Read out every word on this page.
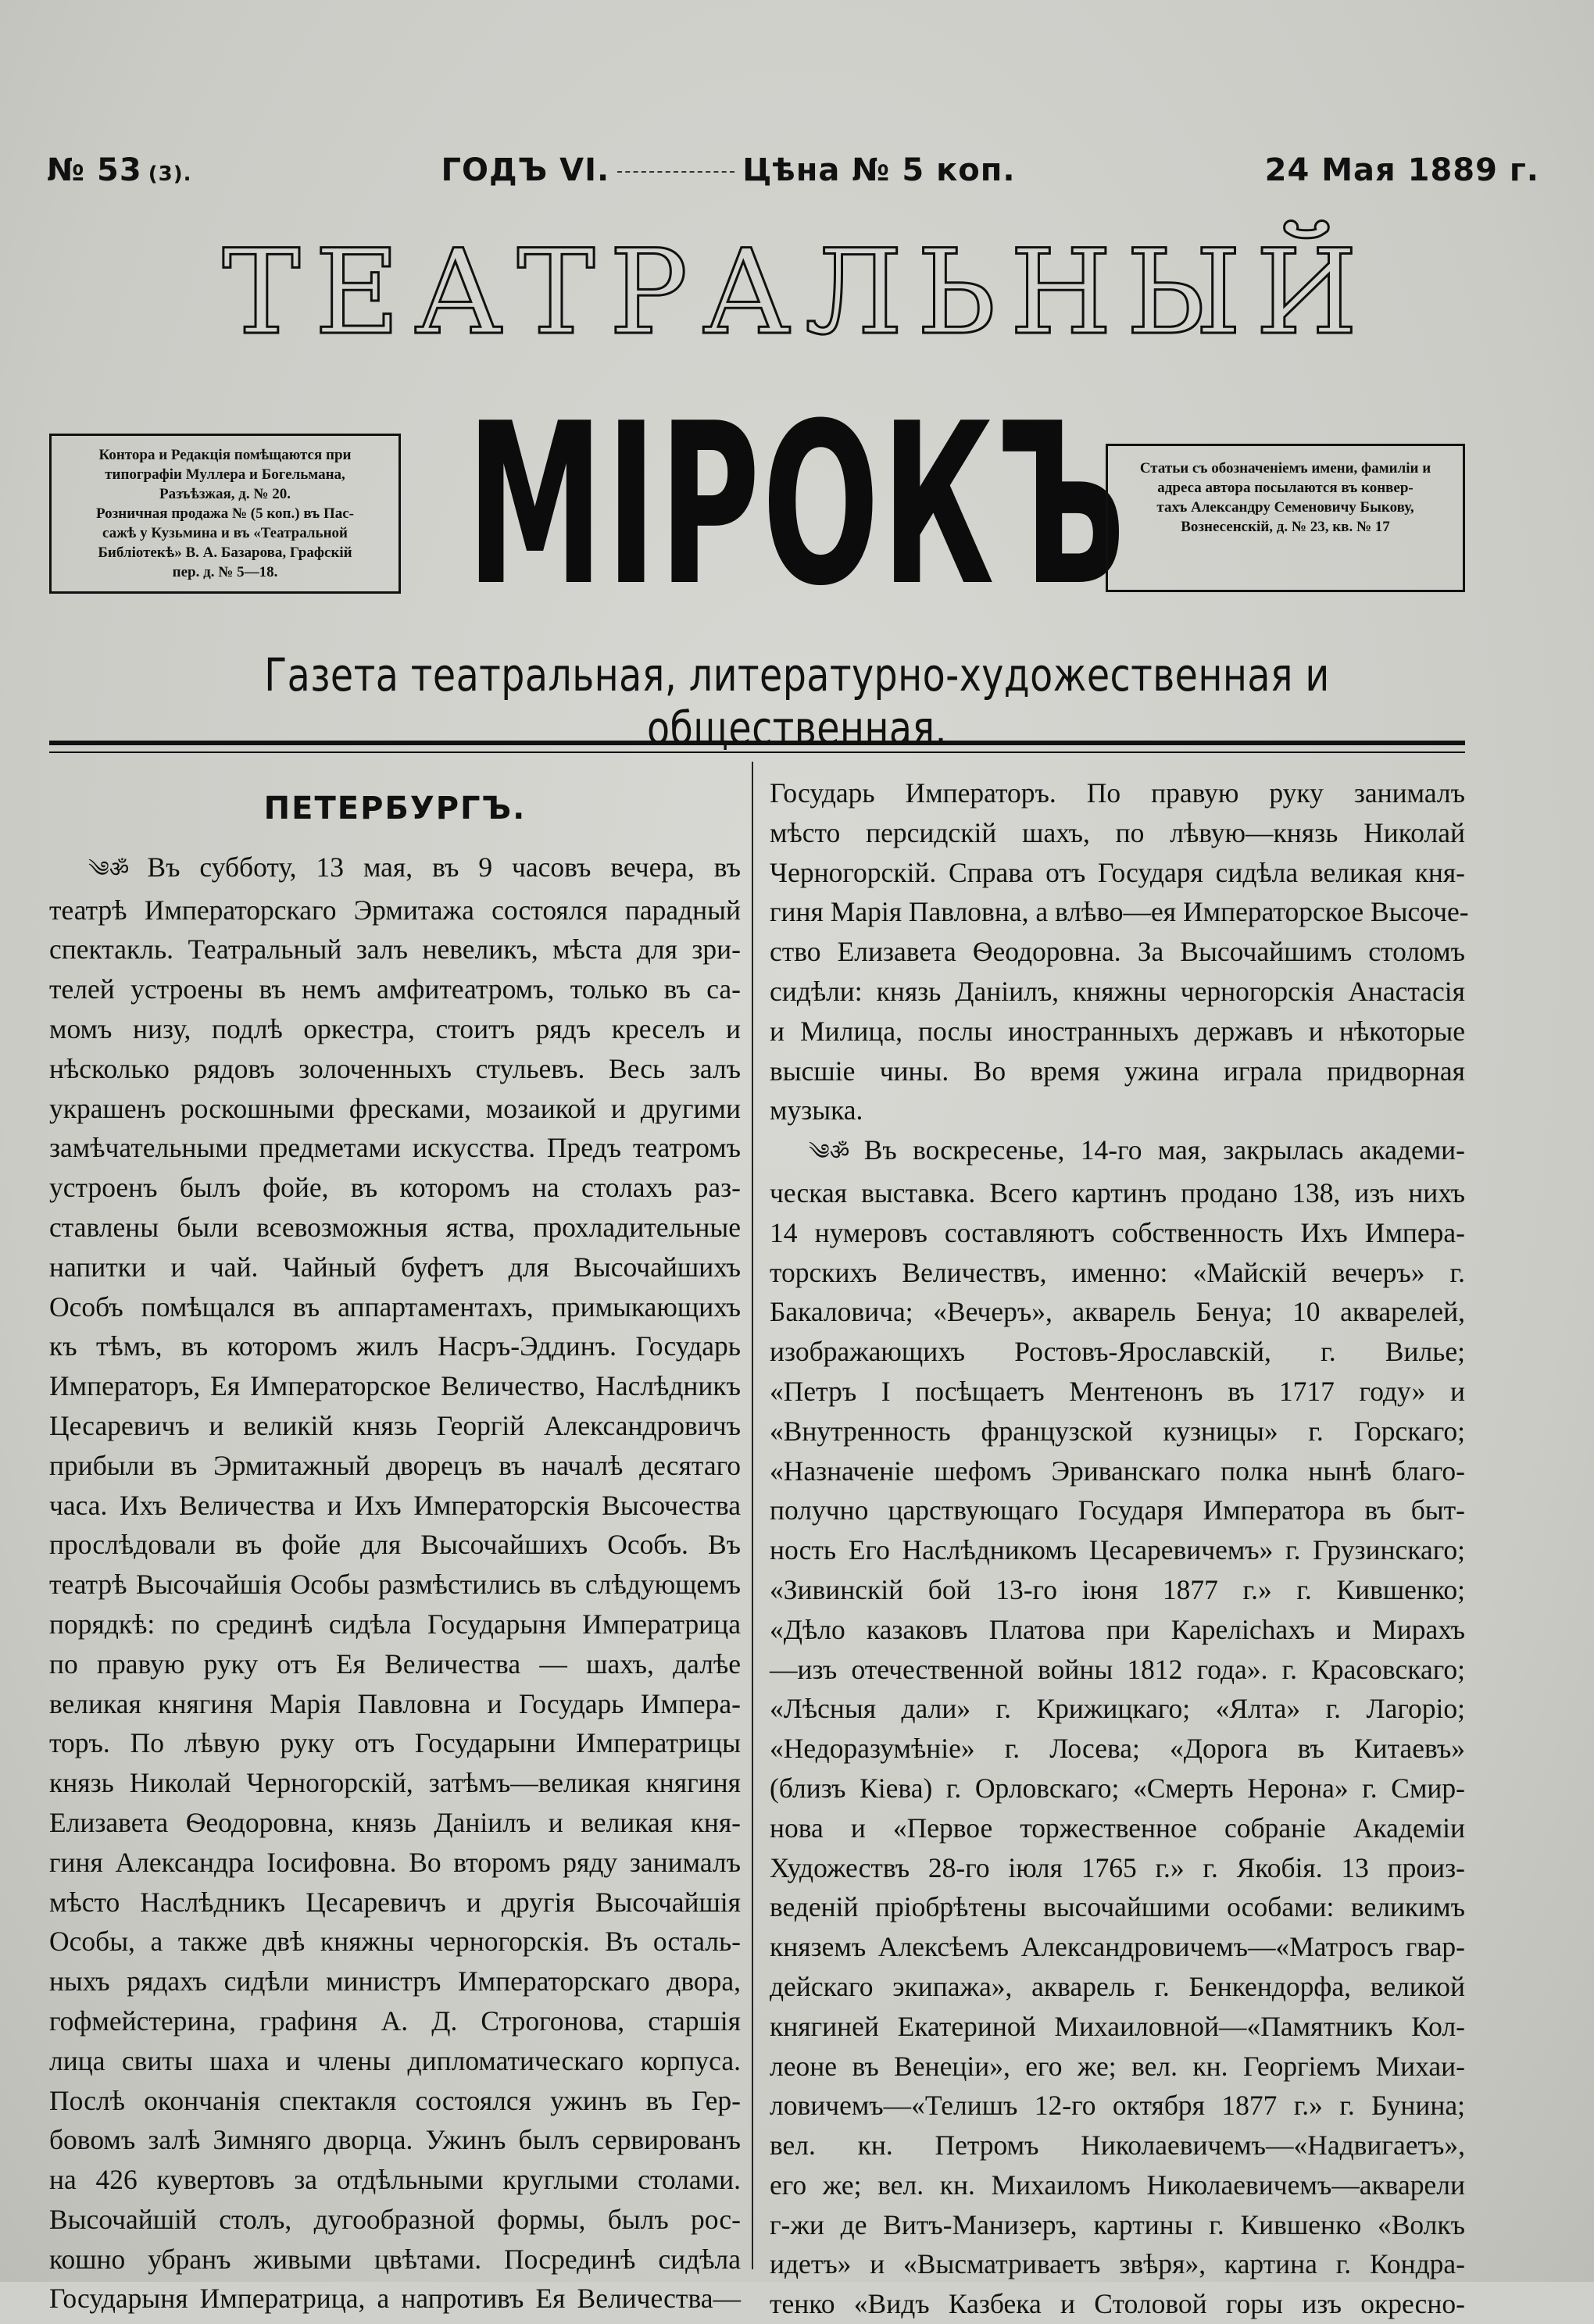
№ 53 (3).	ГОДЪ VI.	Цѣна № 5 коп.	24 Мая 1889 г.
ТЕАТРАЛЬНЫЙ
МІРОКЪ
Контора и Редакція помѣщаются при
типографіи Муллера и Богельмана,
Разъѣзжая, д. № 20.
Розничная продажа № (5 коп.) въ Пас-
сажѣ у Кузьмина и въ «Театральной
Библіотекѣ» В. А. Базарова, Графскій
пер. д. № 5—18.
Статьи съ обозначеніемъ имени, фамиліи и
адреса автора посылаются въ конвер-
тахъ Александру Семеновичу Быкову,
Вознесенскій, д. № 23, кв. № 17
Газета театральная, литературно-художественная и общественная.
ПЕТЕРБУРГЪ.
༄ॐ Въ субботу, 13 мая, въ 9 часовъ вечера, въ
театрѣ Императорскаго Эрмитажа состоялся парадный
спектакль. Театральный залъ невеликъ, мѣста для зри-
телей устроены въ немъ амфитеатромъ, только въ са-
момъ низу, подлѣ оркестра, стоитъ рядъ креселъ и
нѣсколько рядовъ золоченныхъ стульевъ. Весь залъ
украшенъ роскошными фресками, мозаикой и другими
замѣчательными предметами искусства. Предъ театромъ
устроенъ былъ фойе, въ которомъ на столахъ раз-
ставлены были всевозможныя яства, прохладительные
напитки и чай. Чайный буфетъ для Высочайшихъ
Особъ помѣщался въ аппартаментахъ, примыкающихъ
къ тѣмъ, въ которомъ жилъ Насръ-Эддинъ. Государь
Императоръ, Ея Императорское Величество, Наслѣдникъ
Цесаревичъ и великій князь Георгій Александровичъ
прибыли въ Эрмитажный дворецъ въ началѣ десятаго
часа. Ихъ Величества и Ихъ Императорскія Высочества
прослѣдовали въ фойе для Высочайшихъ Особъ. Въ
театрѣ Высочайшія Особы размѣстились въ слѣдующемъ
порядкѣ: по срединѣ сидѣла Государыня Императрица
по правую руку отъ Ея Величества — шахъ, далѣе
великая княгиня Марія Павловна и Государь Импера-
торъ. По лѣвую руку отъ Государыни Императрицы
князь Николай Черногорскій, затѣмъ—великая княгиня
Елизавета Ѳеодоровна, князь Даніилъ и великая кня-
гиня Александра Іосифовна. Во второмъ ряду занималъ
мѣсто Наслѣдникъ Цесаревичъ и другія Высочайшія
Особы, а также двѣ княжны черногорскія. Въ осталь-
ныхъ рядахъ сидѣли министръ Императорскаго двора,
гофмейстерина, графиня А. Д. Строгонова, старшія
лица свиты шаха и члены дипломатическаго корпуса.
Послѣ окончанія спектакля состоялся ужинъ въ Гер-
бовомъ залѣ Зимняго дворца. Ужинъ былъ сервированъ
на 426 кувертовъ за отдѣльными круглыми столами.
Высочайшій столъ, дугообразной формы, былъ рос-
кошно убранъ живыми цвѣтами. Посрединѣ сидѣла
Государыня Императрица, а напротивъ Ея Величества—
Государь Императоръ. По правую руку занималъ
мѣсто персидскій шахъ, по лѣвую—князь Николай
Черногорскій. Справа отъ Государя сидѣла великая кня-
гиня Марія Павловна, а влѣво—ея Императорское Высоче-
ство Елизавета Ѳеодоровна. За Высочайшимъ столомъ
сидѣли: князь Даніилъ, княжны черногорскія Анастасія
и Милица, послы иностранныхъ державъ и нѣкоторые
высшіе чины. Во время ужина играла придворная
музыка.
༄ॐ Въ воскресенье, 14-го мая, закрылась академи-
ческая выставка. Всего картинъ продано 138, изъ нихъ
14 нумеровъ составляютъ собственность Ихъ Импера-
торскихъ Величествъ, именно: «Майскій вечеръ» г.
Бакаловича; «Вечеръ», акварель Бенуа; 10 акварелей,
изображающихъ Ростовъ-Ярославскій, г. Вилье;
«Петръ I посѣщаетъ Ментенонъ въ 1717 году» и
«Внутренность французской кузницы» г. Горскаго;
«Назначеніе шефомъ Эриванскаго полка нынѣ благо-
получно царствующаго Государя Императора въ быт-
ность Его Наслѣдникомъ Цесаревичемъ» г. Грузинскаго;
«Зивинскій бой 13-го іюня 1877 г.» г. Кившенко;
«Дѣло казаковъ Платова при Карелichахъ и Мирахъ
—изъ отечественной войны 1812 года». г. Красовскаго;
«Лѣсныя дали» г. Крижицкаго; «Ялта» г. Лагоріо;
«Недоразумѣніе» г. Лосева; «Дорога въ Китаевъ»
(близъ Кіева) г. Орловскаго; «Смерть Нерона» г. Смир-
нова и «Первое торжественное собраніе Академіи
Художествъ 28-го іюля 1765 г.» г. Якобія. 13 произ-
веденій пріобрѣтены высочайшими особами: великимъ
княземъ Алексѣемъ Александровичемъ—«Матросъ гвар-
дейскаго экипажа», акварель г. Бенкендорфа, великой
княгиней Екатериной Михаиловной—«Памятникъ Кол-
леоне въ Венеціи», его же; вел. кн. Георгіемъ Михаи-
ловичемъ—«Телишъ 12-го октября 1877 г.» г. Бунина;
вел. кн. Петромъ Николаевичемъ—«Надвигаетъ»,
его же; вел. кн. Михаиломъ Николаевичемъ—акварели
г-жи де Витъ-Манизеръ, картины г. Кившенко «Волкъ
идетъ» и «Высматриваетъ звѣря», картина г. Кондра-
тенко «Видъ Казбека и Столовой горы изъ окресно-
